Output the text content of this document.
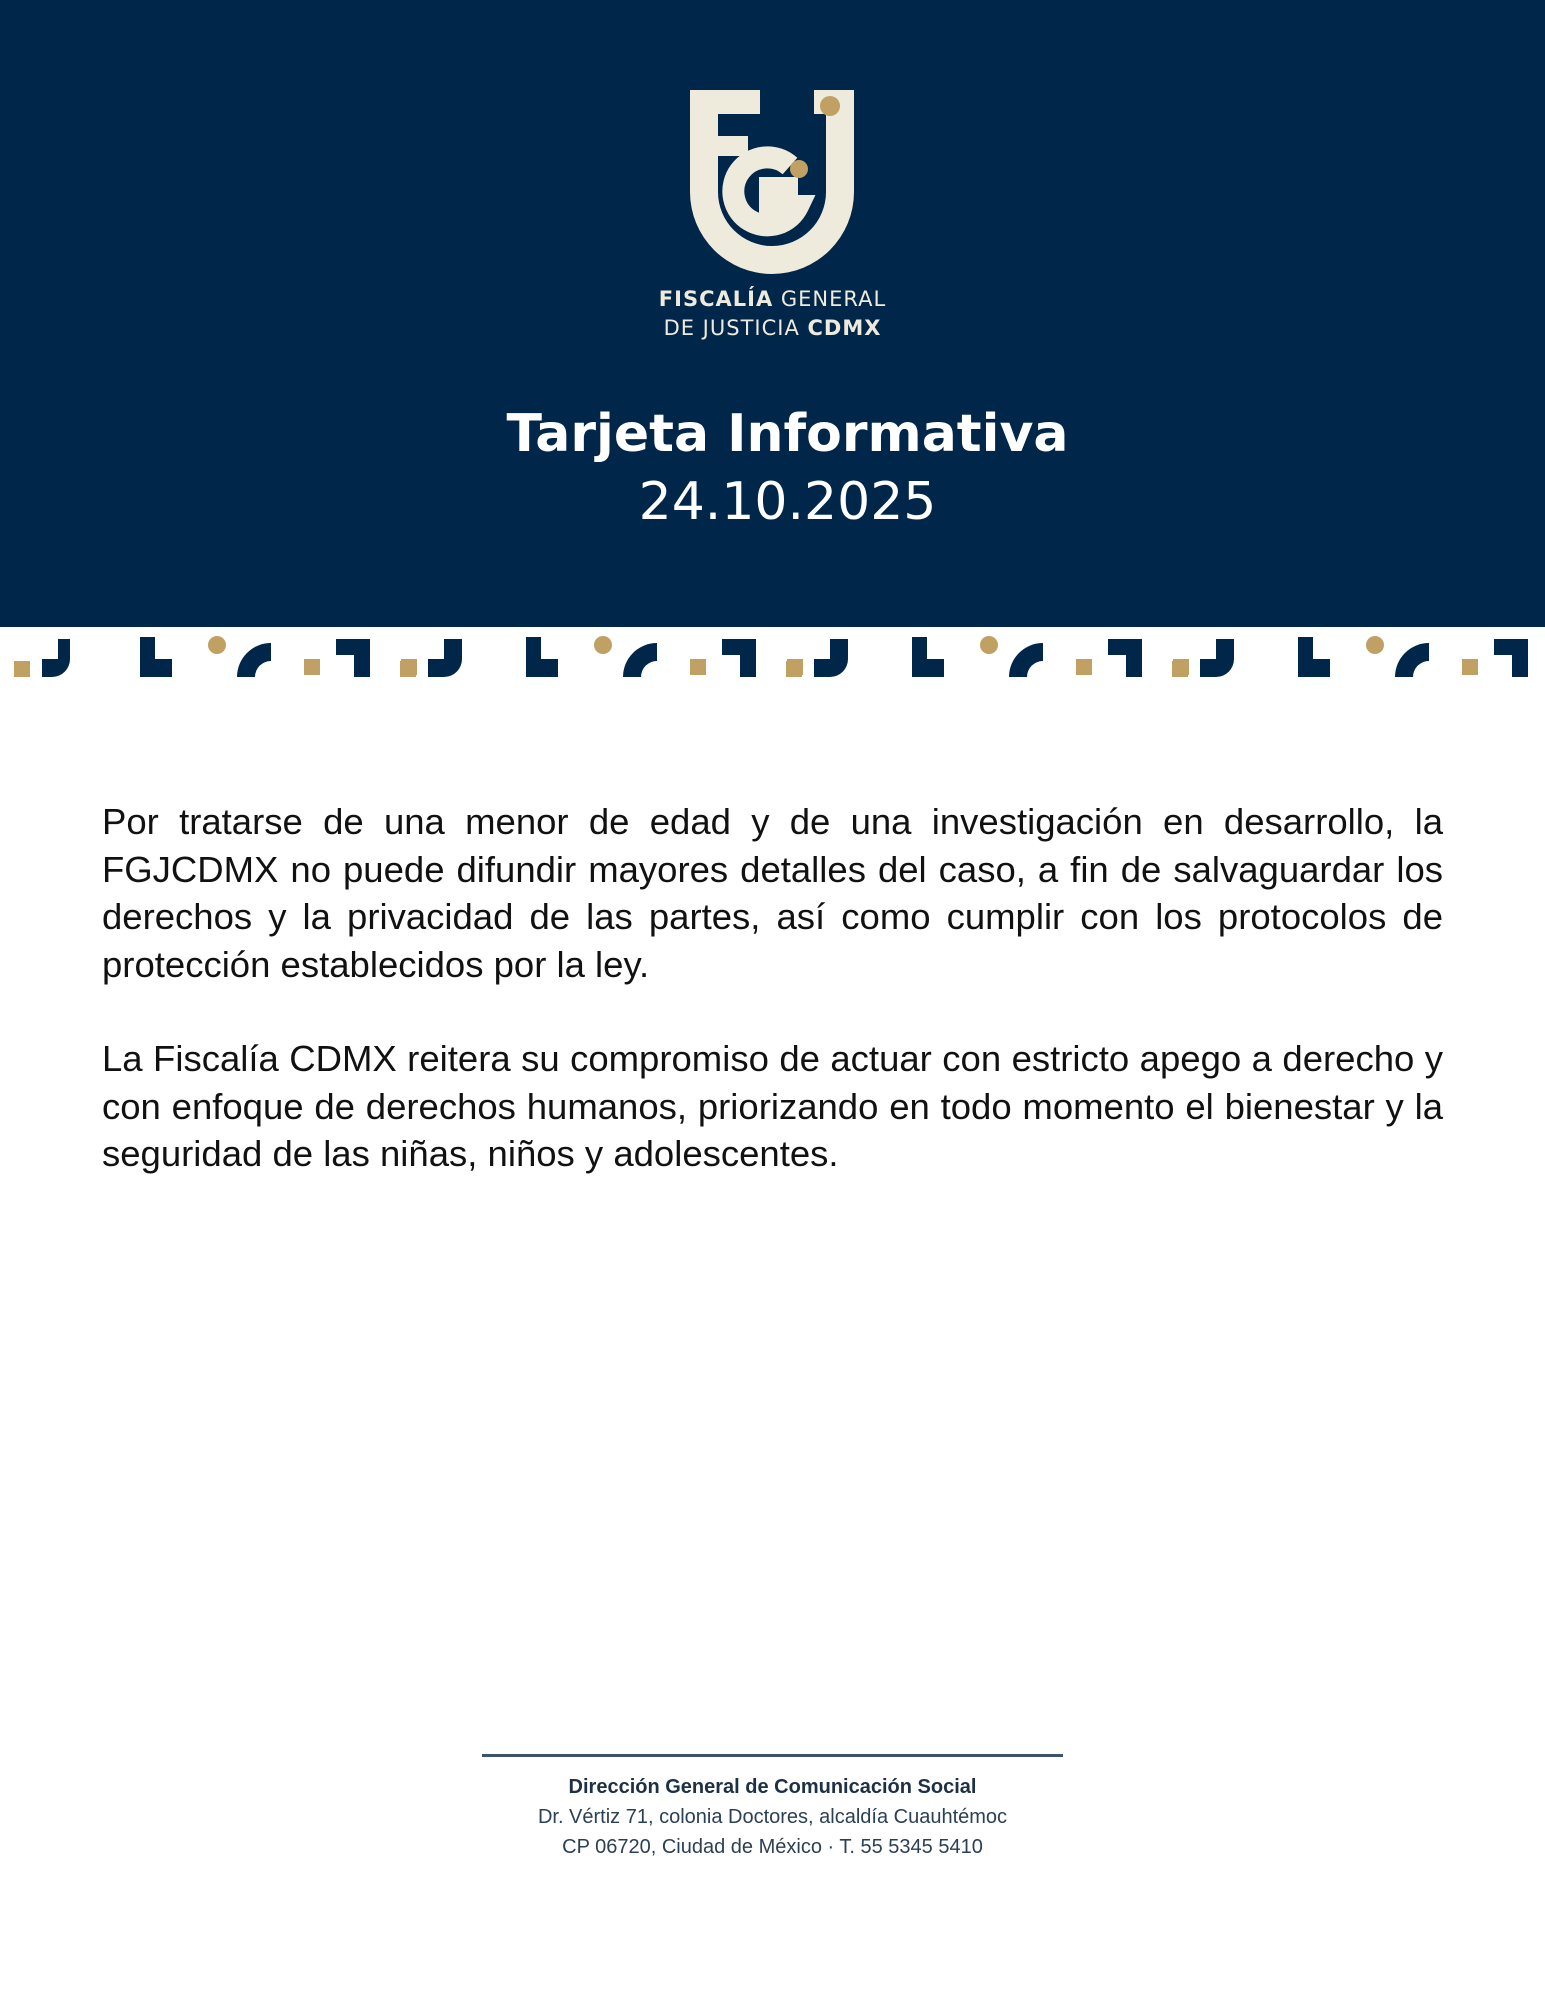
FISCALÍA GENERAL
DE JUSTICIA CDMX
Tarjeta Informativa
24.10.2025

Por tratarse de una menor de edad y de una investigación en desarrollo, la FGJCDMX no puede difundir mayores detalles del caso, a fin de salvaguardar los derechos y la privacidad de las partes, así como cumplir con los protocolos de protección establecidos por la ley.

La Fiscalía CDMX reitera su compromiso de actuar con estricto apego a derecho y con enfoque de derechos humanos, priorizando en todo momento el bienestar y la seguridad de las niñas, niños y adolescentes.

Dirección General de Comunicación Social
Dr. Vértiz 71, colonia Doctores, alcaldía Cuauhtémoc
CP 06720, Ciudad de México · T. 55 5345 5410
